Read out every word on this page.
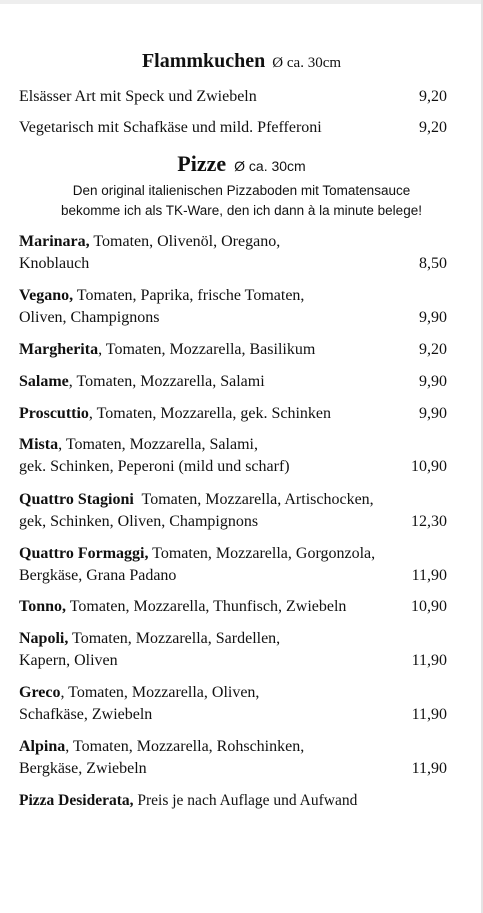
Flammkuchen Ø ca. 30cm
Elsässer Art mit Speck und Zwiebeln	9,20
Vegetarisch mit Schafkäse und mild. Pfefferoni	9,20
Pizze Ø ca. 30cm
Den original italienischen Pizzaboden mit Tomatensauce
bekomme ich als TK-Ware, den ich dann à la minute belege!
Marinara, Tomaten, Olivenöl, Oregano,
Knoblauch	8,50
Vegano, Tomaten, Paprika, frische Tomaten,
Oliven, Champignons	9,90
Margherita, Tomaten, Mozzarella, Basilikum	9,20
Salame, Tomaten, Mozzarella, Salami	9,90
Proscuttio, Tomaten, Mozzarella, gek. Schinken	9,90
Mista, Tomaten, Mozzarella, Salami,
gek. Schinken, Peperoni (mild und scharf)	10,90
Quattro Stagioni  Tomaten, Mozzarella, Artischocken,
gek, Schinken, Oliven, Champignons	12,30
Quattro Formaggi, Tomaten, Mozzarella, Gorgonzola,
Bergkäse, Grana Padano	11,90
Tonno, Tomaten, Mozzarella, Thunfisch, Zwiebeln	10,90
Napoli, Tomaten, Mozzarella, Sardellen,
Kapern, Oliven	11,90
Greco, Tomaten, Mozzarella, Oliven,
Schafkäse, Zwiebeln	11,90
Alpina, Tomaten, Mozzarella, Rohschinken,
Bergkäse, Zwiebeln	11,90
Pizza Desiderata, Preis je nach Auflage und Aufwand
